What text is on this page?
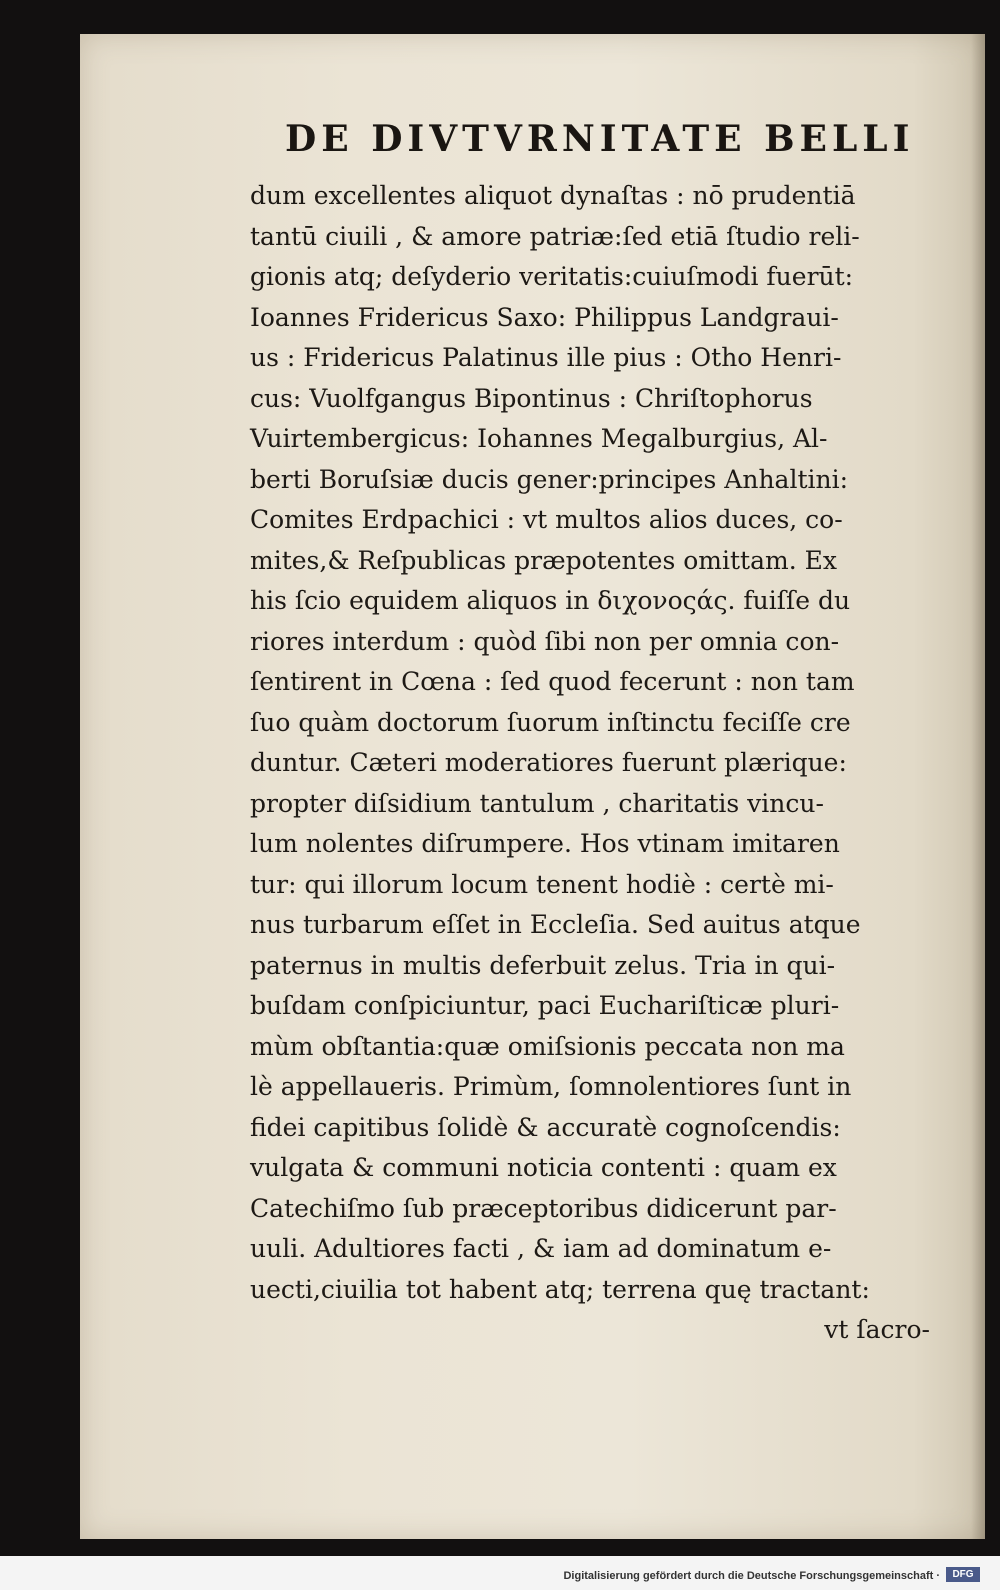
DE DIVTVRNITATE BELLI
dum excellentes aliquot dynaſtas : nō prudentiā
tantū ciuili , & amore patriæ:ſed etiā ſtudio reli-
gionis atq; deſyderio veritatis:cuiuſmodi fuerūt:
Ioannes Fridericus Saxo: Philippus Landgraui-
us : Fridericus Palatinus ille pius : Otho Henri-
cus: Vuolfgangus Bipontinus : Chriſtophorus
Vuirtembergicus: Iohannes Megalburgius, Al-
berti Boruſsiæ ducis gener:principes Anhaltini:
Comites Erdpachici : vt multos alios duces, co-
mites,& Reſpublicas præpotentes omittam. Ex
his ſcio equidem aliquos in διχονοςάς. fuiſſe du
riores interdum : quòd ſibi non per omnia con-
ſentirent in Cœna : ſed quod fecerunt : non tam
ſuo quàm doctorum ſuorum inſtinctu feciſſe cre
duntur. Cæteri moderatiores fuerunt plærique:
propter diſsidium tantulum , charitatis vincu-
lum nolentes diſrumpere. Hos vtinam imitaren
tur: qui illorum locum tenent hodiè : certè mi-
nus turbarum eſſet in Eccleſia. Sed auitus atque
paternus in multis deferbuit zelus. Tria in qui-
buſdam conſpiciuntur, paci Euchariſticæ pluri-
mùm obſtantia:quæ omiſsionis peccata non ma
lè appellaueris. Primùm, ſomnolentiores ſunt in
fidei capitibus ſolidè & accuratè cognoſcendis:
vulgata & communi noticia contenti : quam ex
Catechiſmo ſub præceptoribus didicerunt par-
uuli. Adultiores facti , & iam ad dominatum e-
uecti,ciuilia tot habent atq; terrena quę tractant:
vt ſacro-
Digitalisierung gefördert durch die Deutsche Forschungsgemeinschaft ·	DFG
